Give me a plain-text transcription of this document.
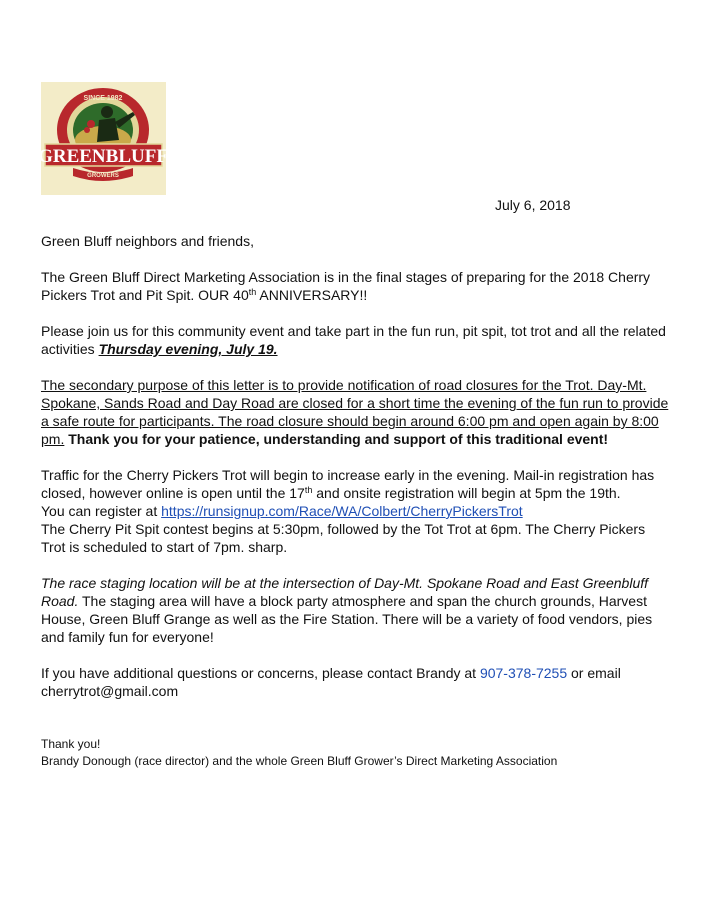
SINCE 1982
GREENBLUFF
GROWERS
July 6, 2018

Green Bluff neighbors and friends,

The Green Bluff Direct Marketing Association is in the final stages of preparing for the 2018 Cherry Pickers Trot and Pit Spit. OUR 40th ANNIVERSARY!!

Please join us for this community event and take part in the fun run, pit spit, tot trot and all the related activities Thursday evening, July 19.

The secondary purpose of this letter is to provide notification of road closures for the Trot. Day-Mt. Spokane, Sands Road and Day Road are closed for a short time the evening of the fun run to provide a safe route for participants. The road closure should begin around 6:00 pm and open again by 8:00 pm. Thank you for your patience, understanding and support of this traditional event!

Traffic for the Cherry Pickers Trot will begin to increase early in the evening. Mail-in registration has closed, however online is open until the 17th and onsite registration will begin at 5pm the 19th.
You can register at https://runsignup.com/Race/WA/Colbert/CherryPickersTrot
The Cherry Pit Spit contest begins at 5:30pm, followed by the Tot Trot at 6pm. The Cherry Pickers Trot is scheduled to start of 7pm. sharp.

The race staging location will be at the intersection of Day-Mt. Spokane Road and East Greenbluff Road. The staging area will have a block party atmosphere and span the church grounds, Harvest House, Green Bluff Grange as well as the Fire Station. There will be a variety of food vendors, pies and family fun for everyone!

If you have additional questions or concerns, please contact Brandy at 907-378-7255 or email cherrytrot@gmail.com

Thank you!

Brandy Donough (race director) and the whole Green Bluff Grower’s Direct Marketing Association
